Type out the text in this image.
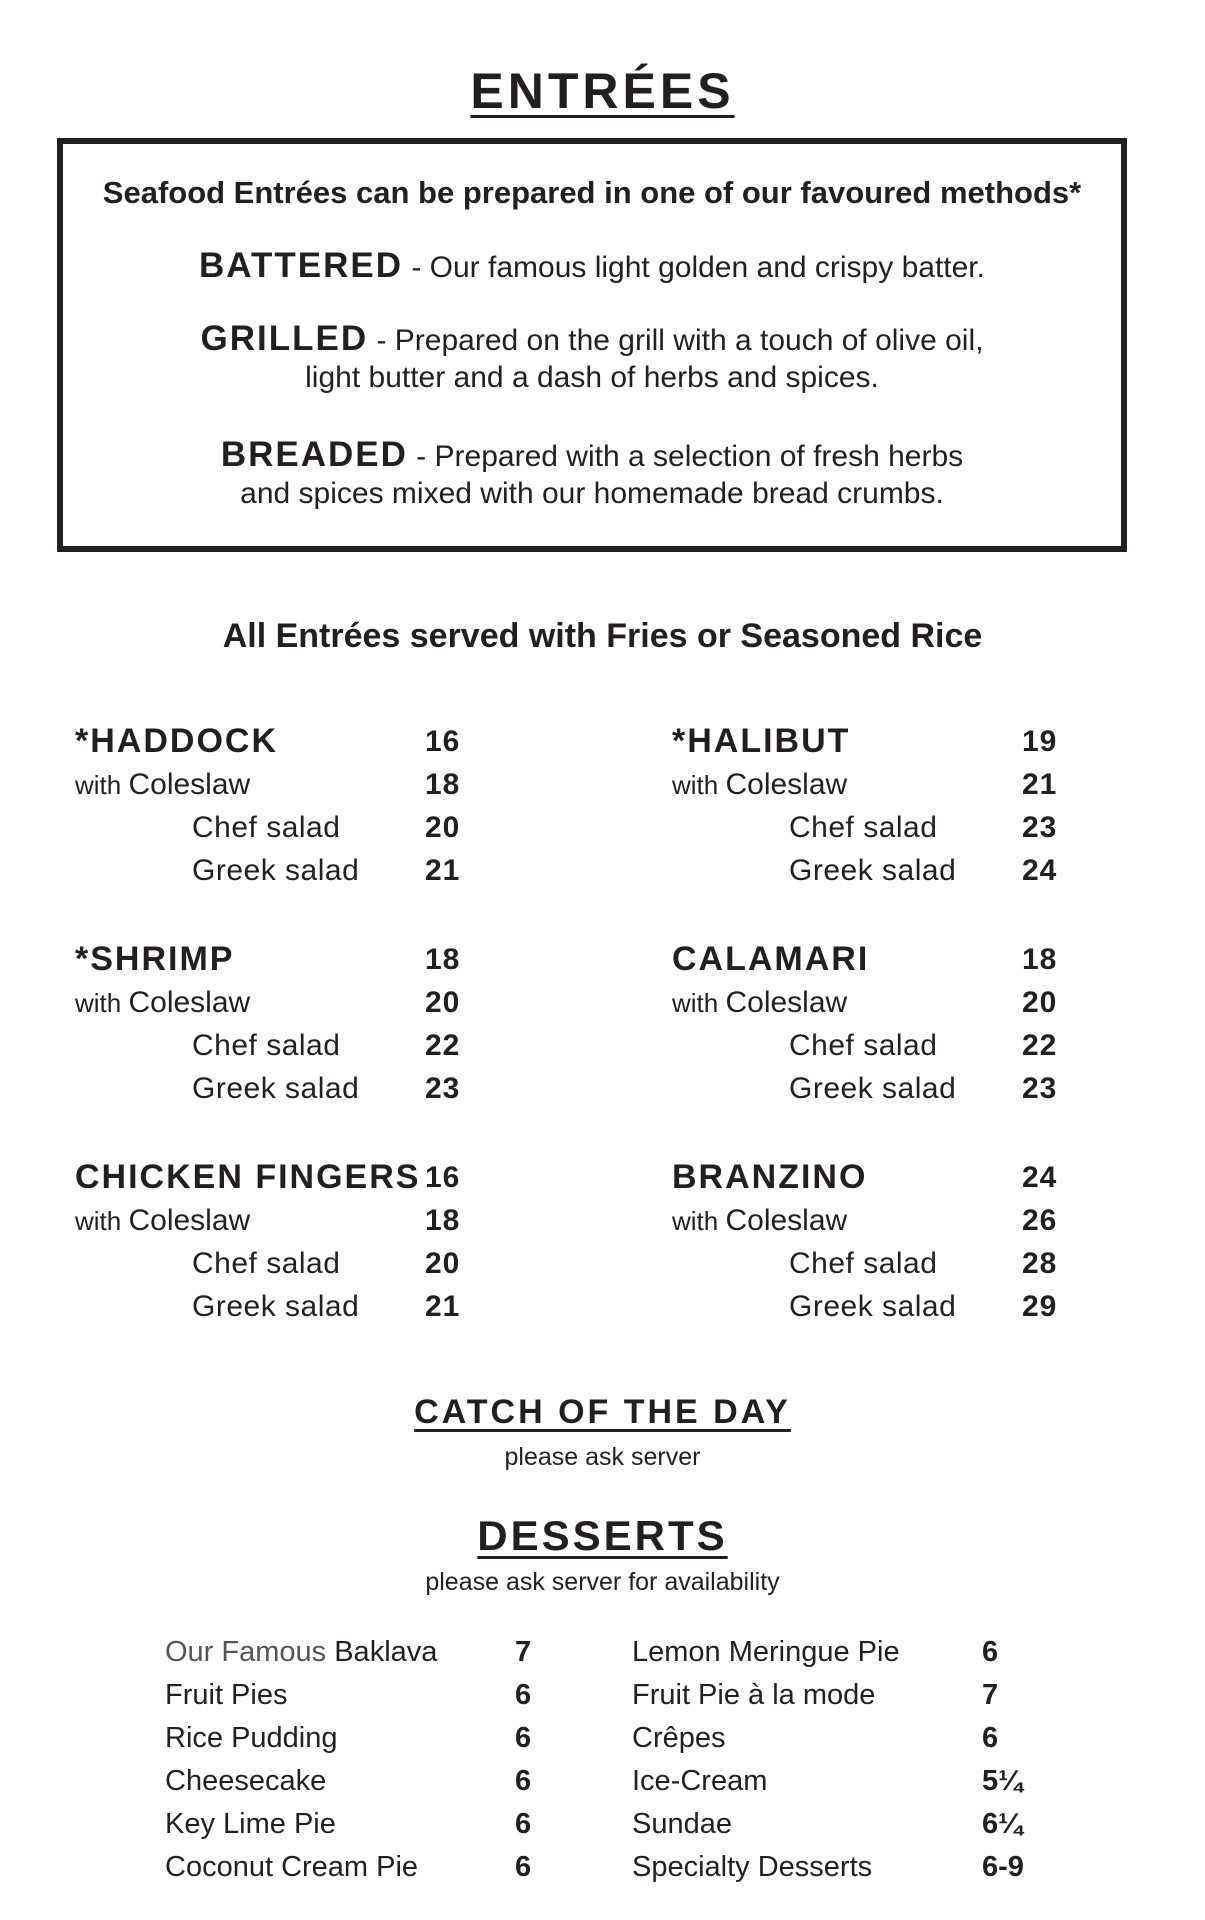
ENTRÉES
Seafood Entrées can be prepared in one of our favoured methods*
BATTERED - Our famous light golden and crispy batter.
GRILLED - Prepared on the grill with a touch of olive oil,
light butter and a dash of herbs and spices.
BREADED - Prepared with a selection of fresh herbs
and spices mixed with our homemade bread crumbs.
All Entrées served with Fries or Seasoned Rice
*HADDOCK	16
with Coleslaw	18
Chef salad	20
Greek salad 21
*HALIBUT	19
with Coleslaw	21
Chef salad	23
Greek salad 24
*SHRIMP	18
with Coleslaw	20
Chef salad	22
Greek salad 23
CALAMARI	18
with Coleslaw	20
Chef salad	22
Greek salad 23
CHICKEN FINGERS 16
with Coleslaw	18
Chef salad	20
Greek salad 21
BRANZINO	24
with Coleslaw	26
Chef salad	28
Greek salad 29
CATCH OF THE DAY
please ask server
DESSERTS
please ask server for availability
Our Famous Baklava	7
Fruit Pies	6
Rice Pudding	6
Cheesecake	6
Key Lime Pie	6
Coconut Cream Pie	6
Lemon Meringue Pie	6
Fruit Pie à la mode	7
Crêpes	6
Ice-Cream	5¼
Sundae	6¼
Specialty Desserts	6-9
